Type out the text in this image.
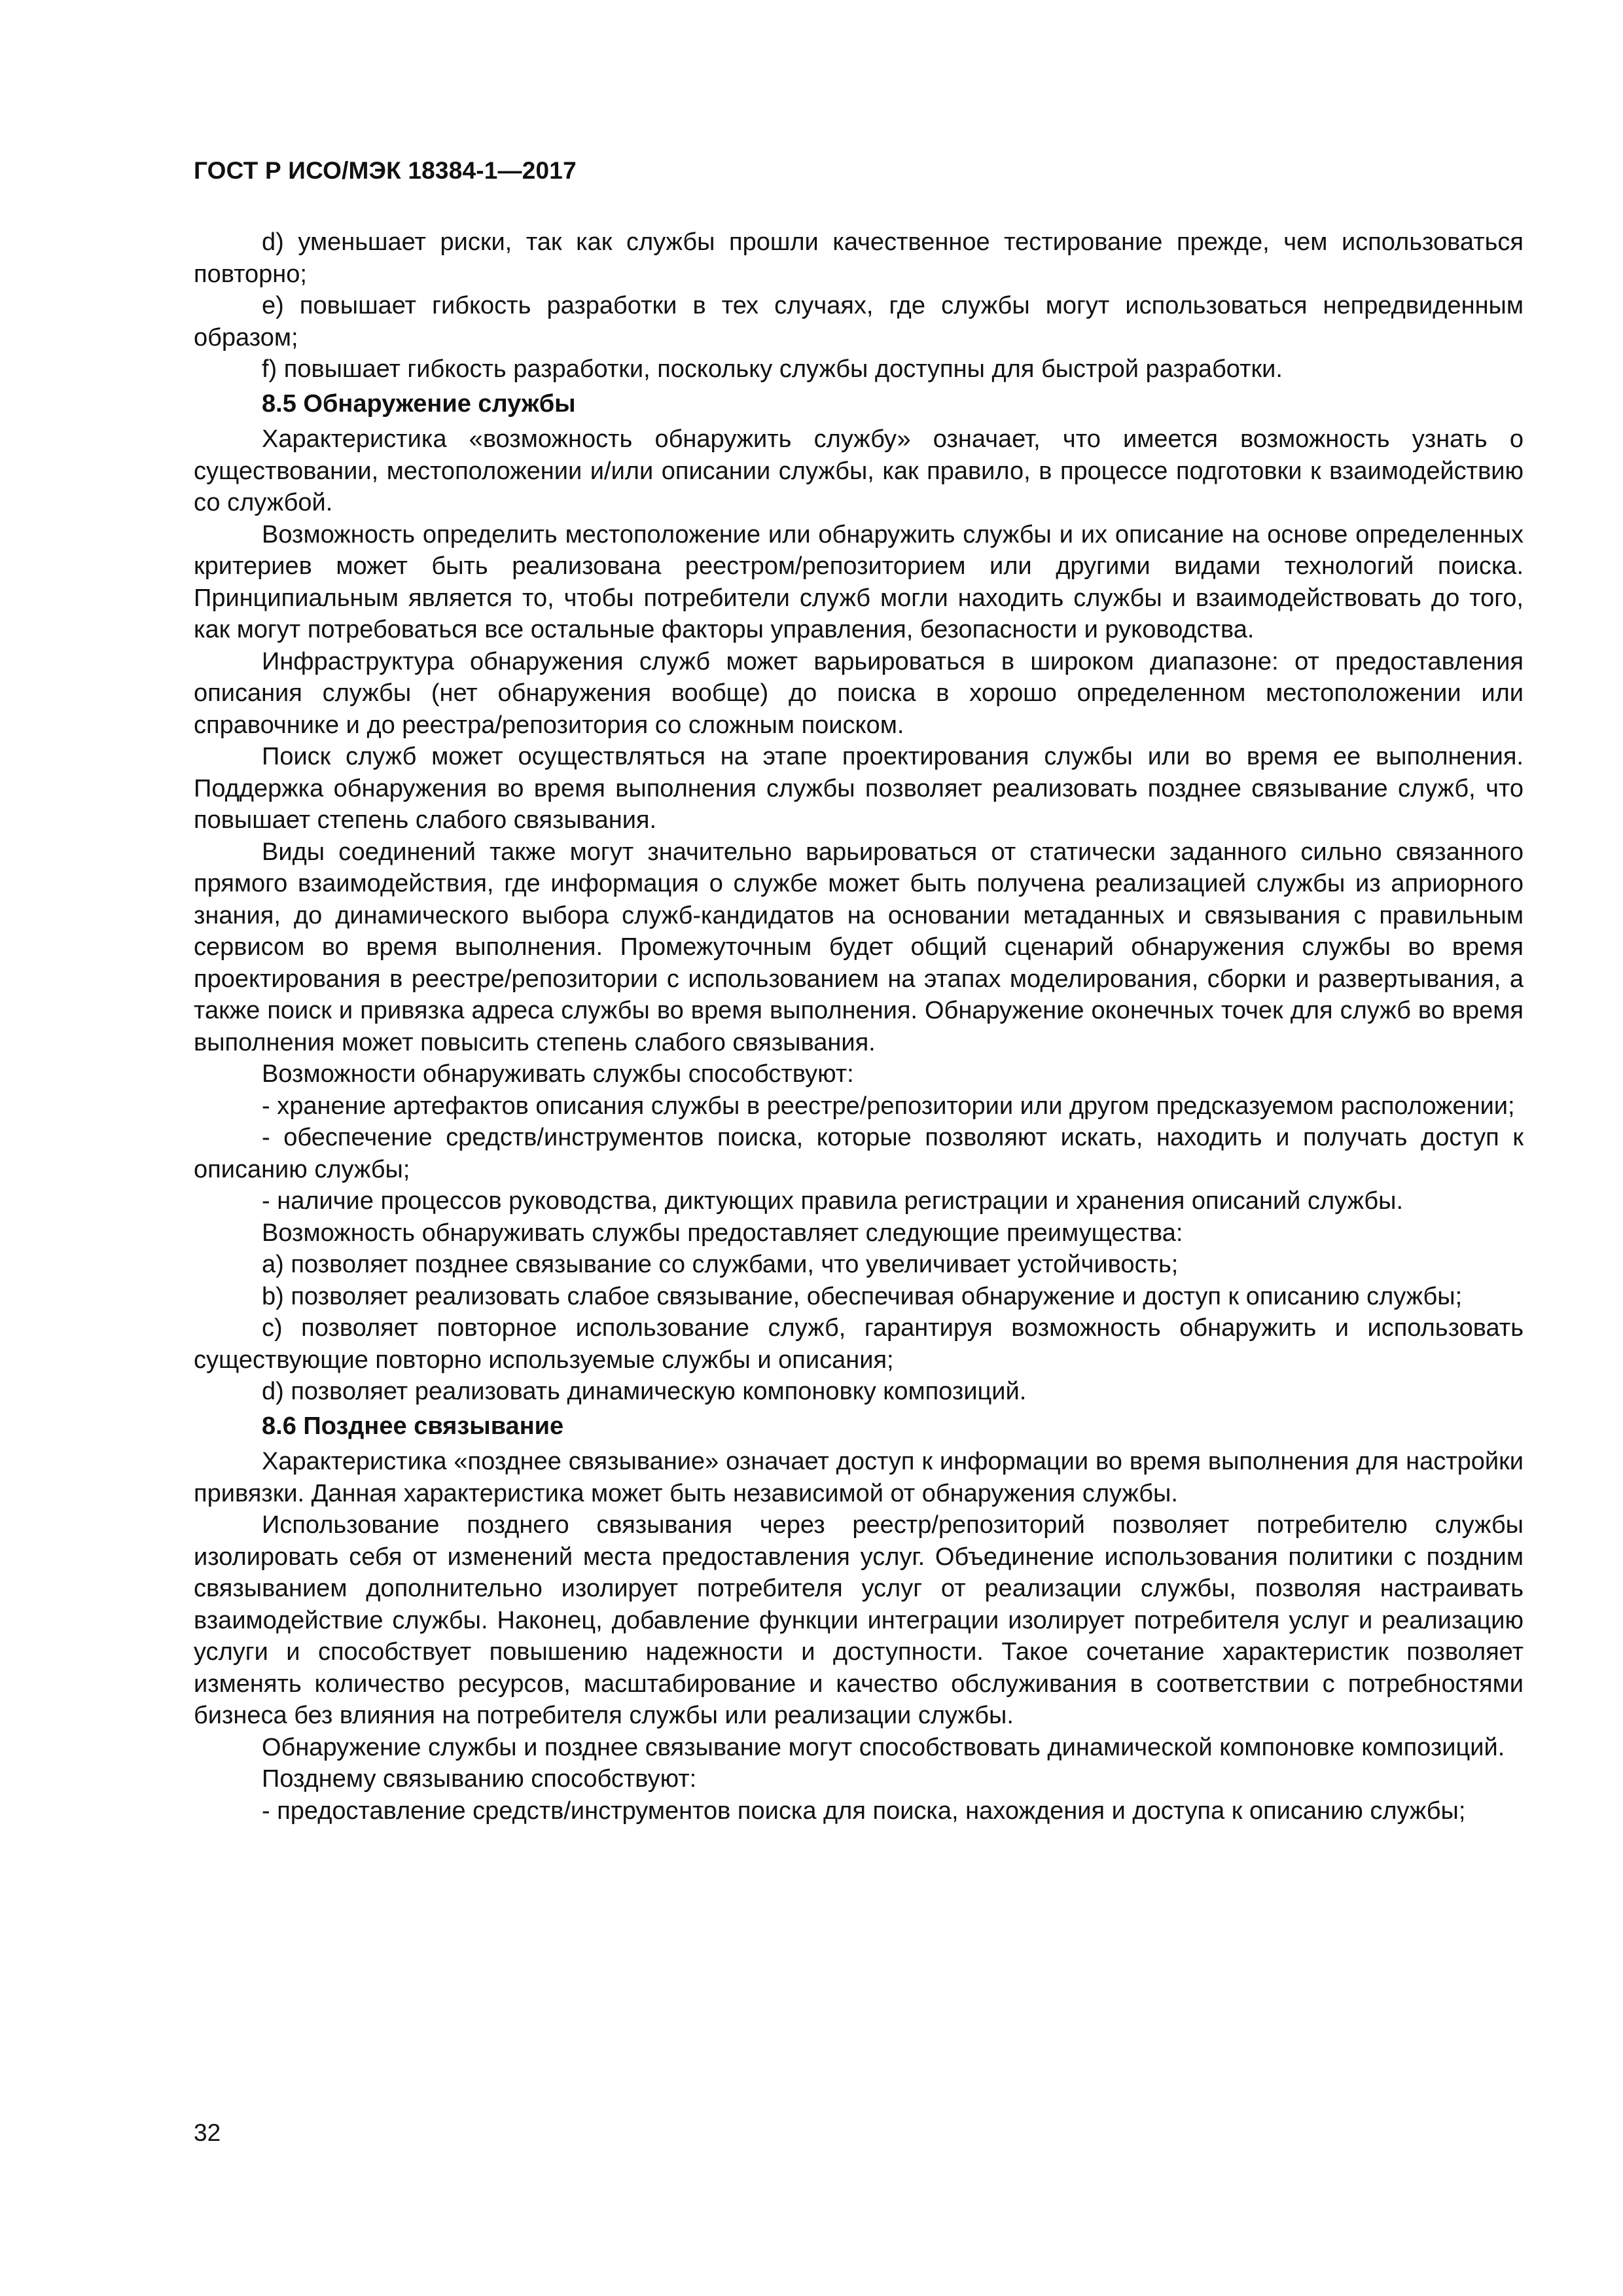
ГОСТ Р ИСО/МЭК 18384-1—2017

d) уменьшает риски, так как службы прошли качественное тестирование прежде, чем использоваться повторно;

e) повышает гибкость разработки в тех случаях, где службы могут использоваться непредвиденным образом;

f) повышает гибкость разработки, поскольку службы доступны для быстрой разработки.

8.5 Обнаружение службы

Характеристика «возможность обнаружить службу» означает, что имеется возможность узнать о существовании, местоположении и/или описании службы, как правило, в процессе подготовки к взаимодействию со службой.

Возможность определить местоположение или обнаружить службы и их описание на основе определенных критериев может быть реализована реестром/репозиторием или другими видами технологий поиска. Принципиальным является то, чтобы потребители служб могли находить службы и взаимодействовать до того, как могут потребоваться все остальные факторы управления, безопасности и руководства.

Инфраструктура обнаружения служб может варьироваться в широком диапазоне: от предоставления описания службы (нет обнаружения вообще) до поиска в хорошо определенном местоположении или справочнике и до реестра/репозитория со сложным поиском.

Поиск служб может осуществляться на этапе проектирования службы или во время ее выполнения. Поддержка обнаружения во время выполнения службы позволяет реализовать позднее связывание служб, что повышает степень слабого связывания.

Виды соединений также могут значительно варьироваться от статически заданного сильно связанного прямого взаимодействия, где информация о службе может быть получена реализацией службы из априорного знания, до динамического выбора служб-кандидатов на основании метаданных и связывания с правильным сервисом во время выполнения. Промежуточным будет общий сценарий обнаружения службы во время проектирования в реестре/репозитории с использованием на этапах моделирования, сборки и развертывания, а также поиск и привязка адреса службы во время выполнения. Обнаружение оконечных точек для служб во время выполнения может повысить степень слабого связывания.

Возможности обнаруживать службы способствуют:

- хранение артефактов описания службы в реестре/репозитории или другом предсказуемом расположении;

- обеспечение средств/инструментов поиска, которые позволяют искать, находить и получать доступ к описанию службы;

- наличие процессов руководства, диктующих правила регистрации и хранения описаний службы.

Возможность обнаруживать службы предоставляет следующие преимущества:

a) позволяет позднее связывание со службами, что увеличивает устойчивость;

b) позволяет реализовать слабое связывание, обеспечивая обнаружение и доступ к описанию службы;

c) позволяет повторное использование служб, гарантируя возможность обнаружить и использовать существующие повторно используемые службы и описания;

d) позволяет реализовать динамическую компоновку композиций.

8.6 Позднее связывание

Характеристика «позднее связывание» означает доступ к информации во время выполнения для настройки привязки. Данная характеристика может быть независимой от обнаружения службы.

Использование позднего связывания через реестр/репозиторий позволяет потребителю службы изолировать себя от изменений места предоставления услуг. Объединение использования политики с поздним связыванием дополнительно изолирует потребителя услуг от реализации службы, позволяя настраивать взаимодействие службы. Наконец, добавление функции интеграции изолирует потребителя услуг и реализацию услуги и способствует повышению надежности и доступности. Такое сочетание характеристик позволяет изменять количество ресурсов, масштабирование и качество обслуживания в соответствии с потребностями бизнеса без влияния на потребителя службы или реализации службы.

Обнаружение службы и позднее связывание могут способствовать динамической компоновке композиций.

Позднему связыванию способствуют:

- предоставление средств/инструментов поиска для поиска, нахождения и доступа к описанию службы;

32
